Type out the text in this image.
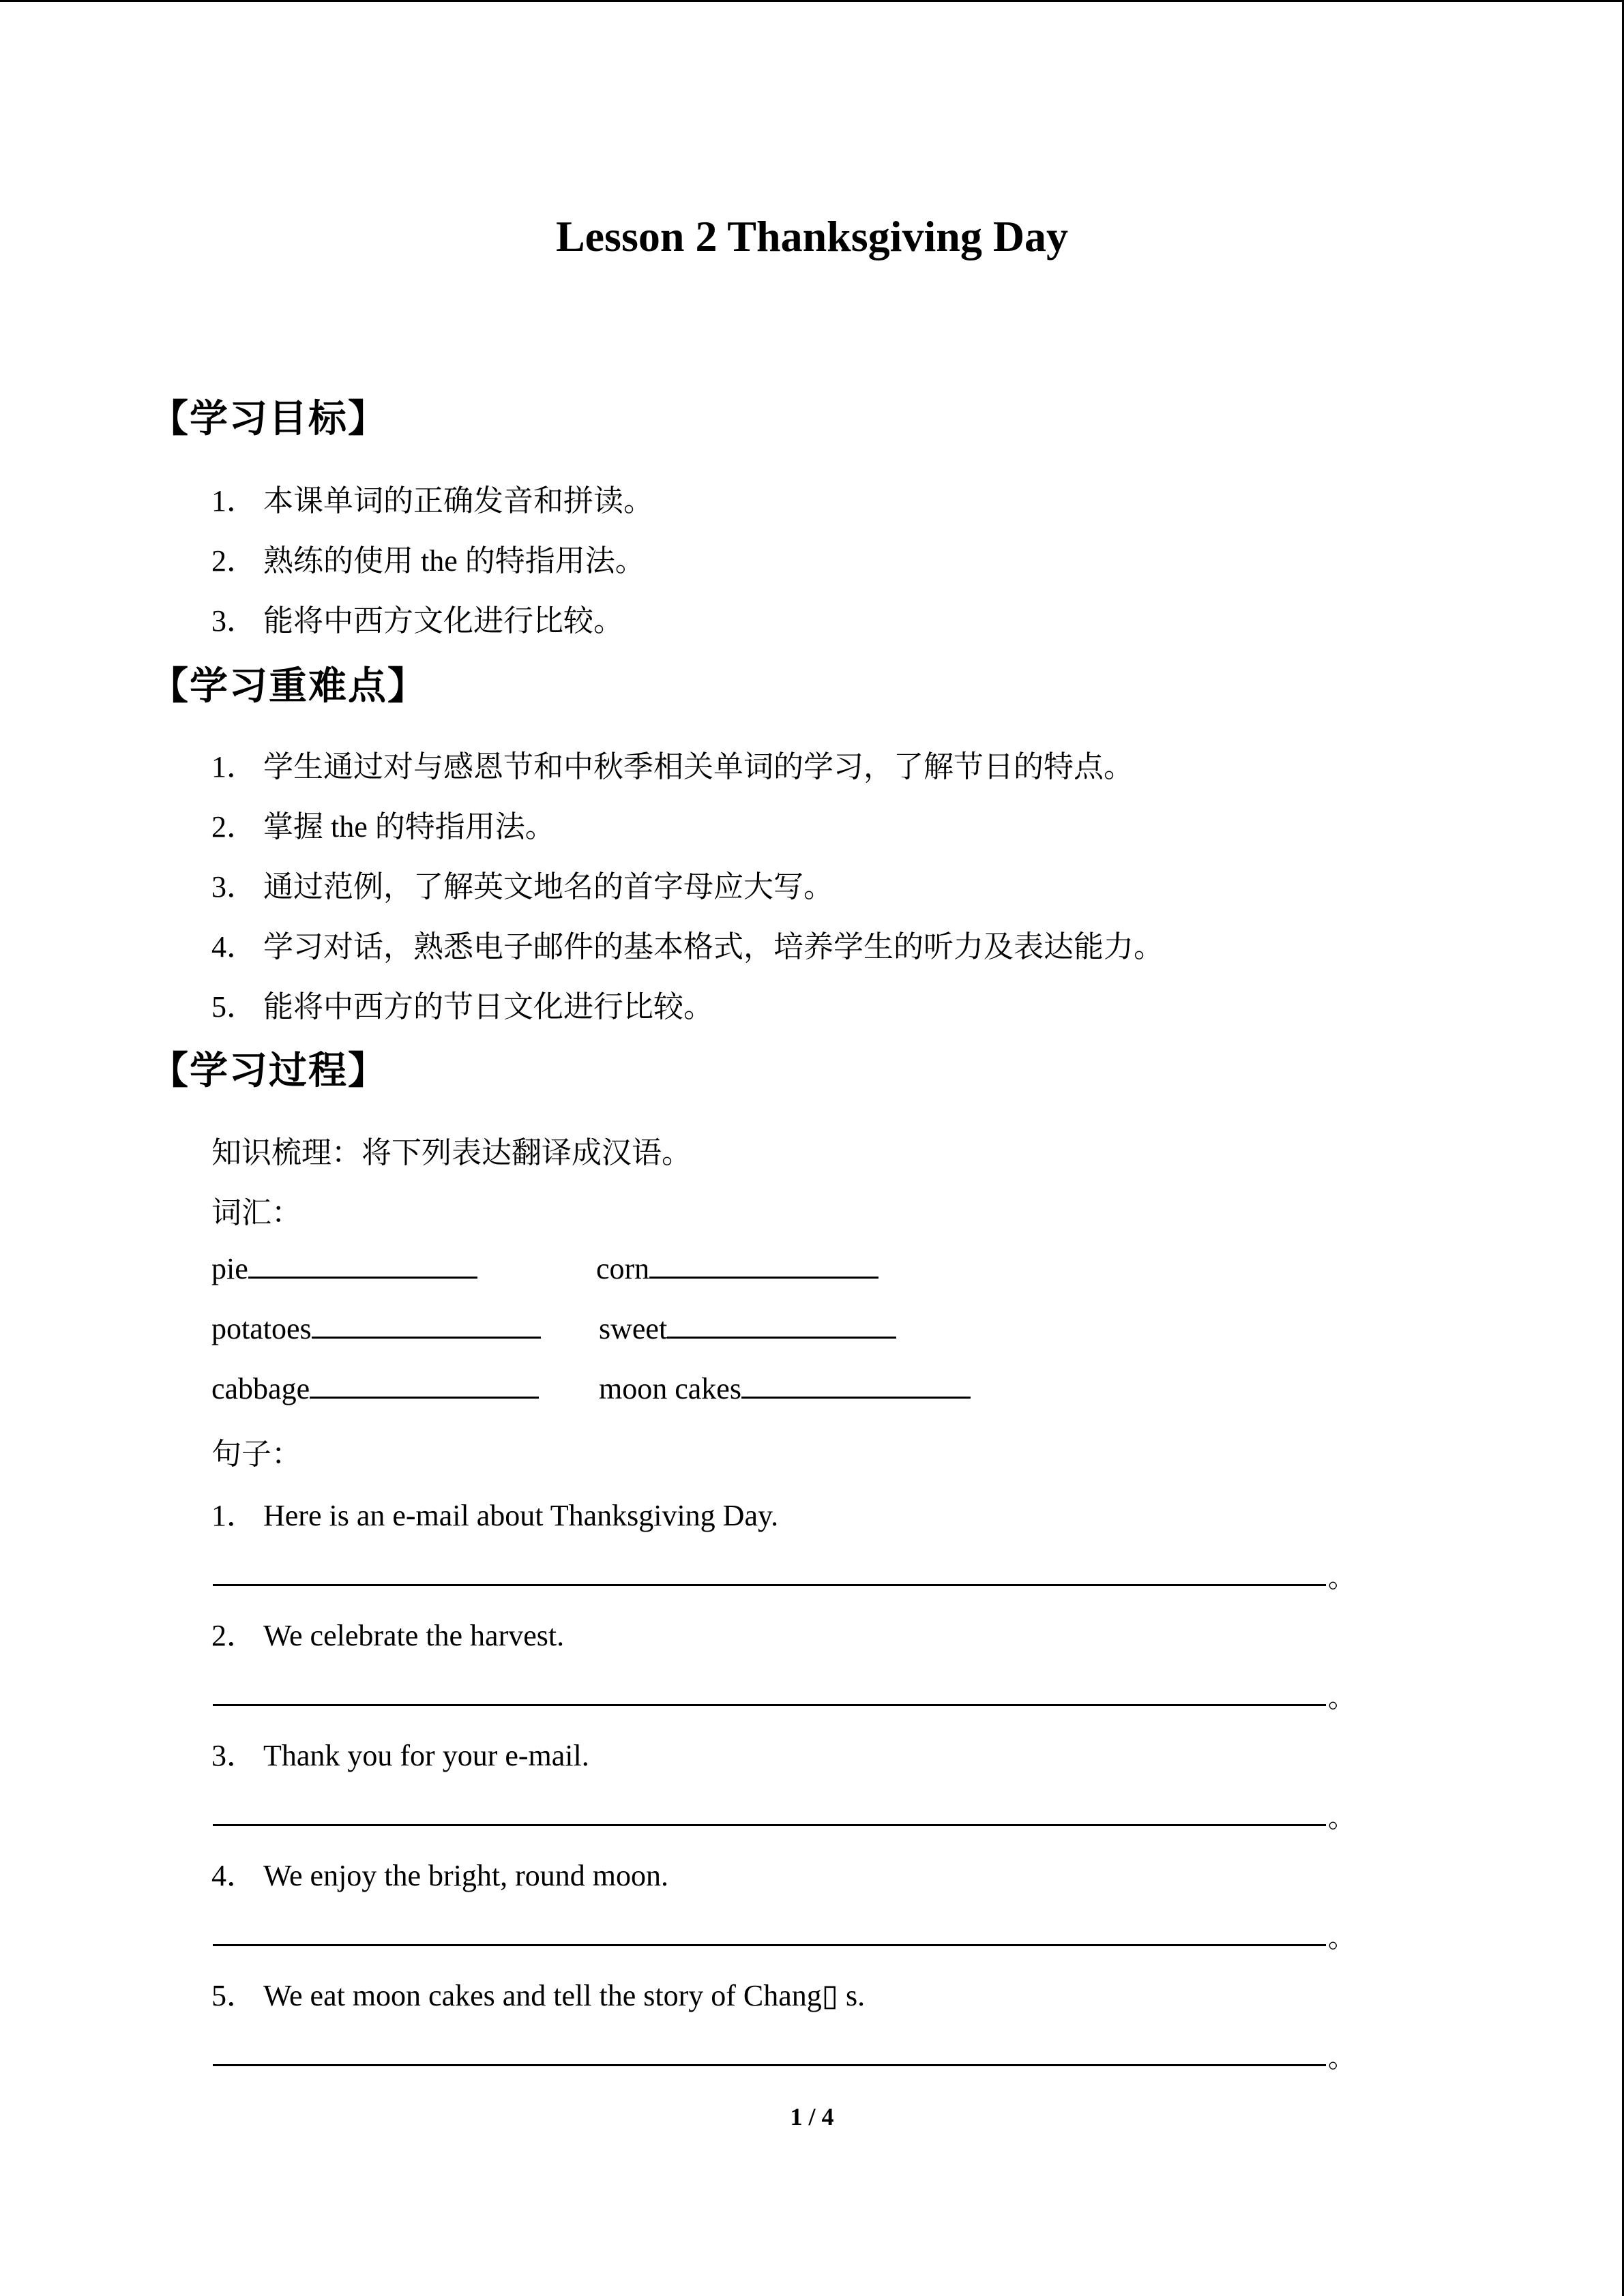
Lesson 2 Thanksgiving Day
【学习目标】
1． 本课单词的正确发音和拼读。
2． 熟练的使用 the 的特指用法。
3． 能将中西方文化进行比较。
【学习重难点】
1． 学生通过对与感恩节和中秋季相关单词的学习，了解节日的特点。
2． 掌握 the 的特指用法。
3． 通过范例，了解英文地名的首字母应大写。
4． 学习对话，熟悉电子邮件的基本格式，培养学生的听力及表达能力。
5． 能将中西方的节日文化进行比较。
【学习过程】
知识梳理：将下列表达翻译成汉语。
词汇：
pie	corn
potatoes	sweet
cabbage	moon cakes
句子：
1． Here is an e-mail about Thanksgiving Day.
。
2． We celebrate the harvest.
。
3． Thank you for your e-mail.
。
4． We enjoy the bright, round moon.
。
5． We eat moon cakes and tell the story of Chang▯ s.
。
1 / 4
